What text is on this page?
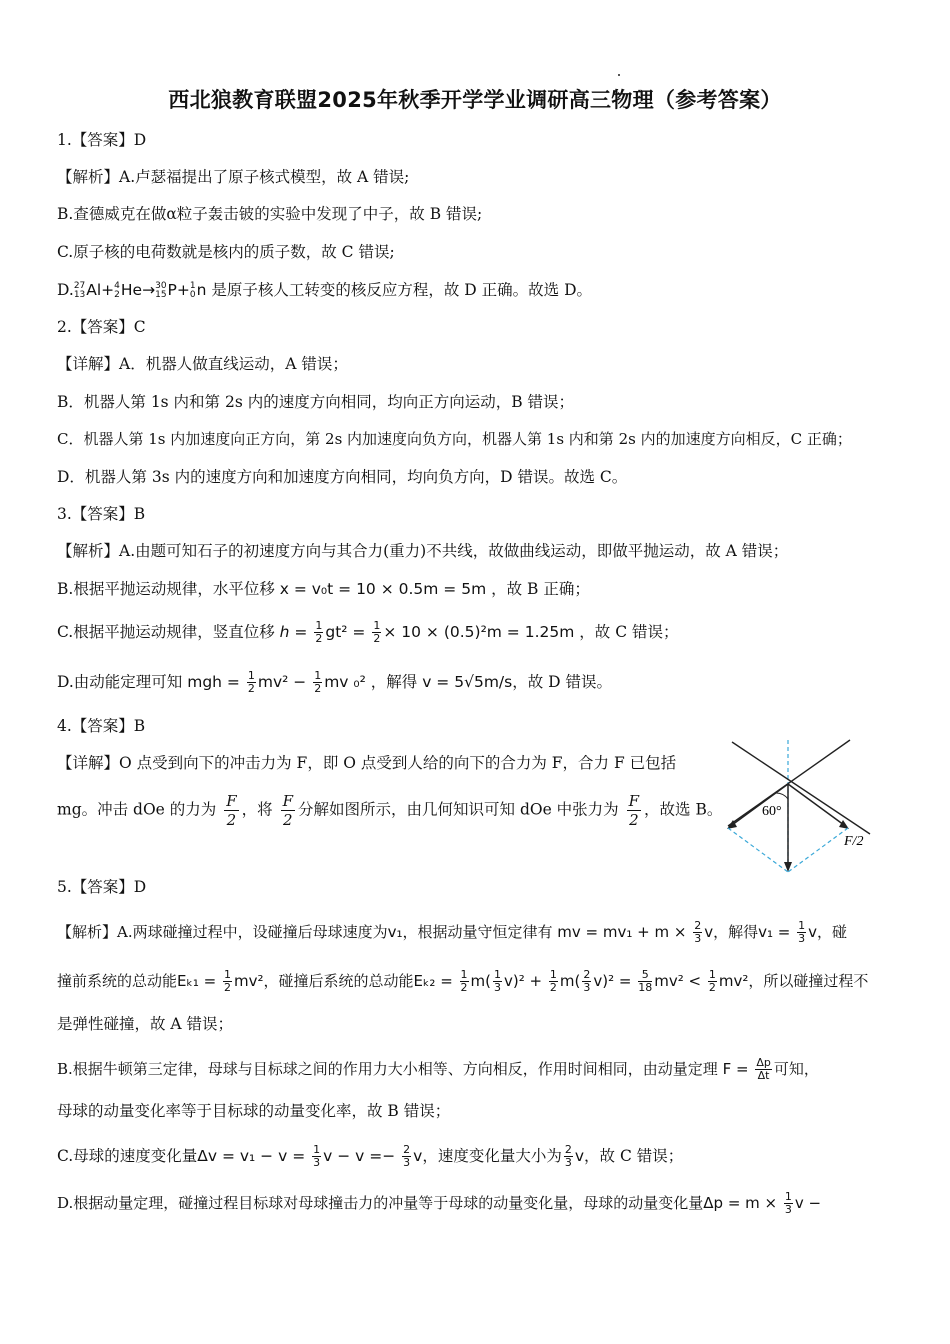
西北狼教育联盟2025年秋季开学学业调研高三物理（参考答案）
1.【答案】D
【解析】A.卢瑟福提出了原子核式模型，故 A 错误;
B.查德威克在做α粒子轰击铍的实验中发现了中子，故 B 错误;
C.原子核的电荷数就是核内的质子数，故 C 错误;
D. 27
13 Al+ 4
2 He→ 30
15 P+ 1
0 n 是原子核人工转变的核反应方程，故 D 正确。故选 D。
2.【答案】C
【详解】A．机器人做直线运动，A 错误；
B．机器人第 1s 内和第 2s 内的速度方向相同，均向正方向运动，B 错误；
C．机器人第 1s 内加速度向正方向，第 2s 内加速度向负方向，机器人第 1s 内和第 2s 内的加速度方向相反，C 正确；
D．机器人第 3s 内的速度方向和加速度方向相同，均向负方向，D 错误。故选 C。
3.【答案】B
【解析】A.由题可知石子的初速度方向与其合力(重力)不共线，故做曲线运动，即做平抛运动，故 A 错误；
B.根据平抛运动规律，水平位移 x = v₀t = 10 × 0.5m = 5m ，故 B 正确；
C.根据平抛运动规律，竖直位移 $h = \frac{1}{2} gt^2 = \frac{1}{2} \times 10 \times (0.5)^2m = 1.25m$ ，故 C 错误；
D.由动能定理可知 mgh = $\frac{1}{2} mv^2 - \frac{1}{2}$ mv ₀² ，解得 v = 5√5m/s，故 D 错误。
4.【答案】B
【详解】O 点受到向下的冲击力为 F，即 O 点受到人给的向下的合力为 F，合力 F 已包括
mg。冲击 dOe 的力为 $\frac{F}{2}$ ，将 $\frac{F}{2}$ 分解如图所示，由几何知识可知 dOe 中张力为 $\frac{F}{2}$ ，故选 B。	60°
F/2
5.【答案】D
【解析】A.两球碰撞过程中，设碰撞后母球速度为v₁，根据动量守恒定律有 mv = $mv_1 + m \times \frac{2}{3}$ v，解得$v_1 = \frac{1}{3}$ v，碰
撞前系统的总动能$E_{k1} = \frac{1}{2} mv^2$，碰撞后系统的总动能$E_{k2} = \frac{1}{2} m( \frac{1}{3} v)^2 + \frac{1}{2} m( \frac{2}{3} v)^2 = \frac{5}{18} mv^2 < \frac{1}{2} mv^2$，所以碰撞过程不
是弹性碰撞，故 A 错误；
B.根据牛顿第三定律，母球与目标球之间的作用力大小相等、方向相反，作用时间相同，由动量定理 $F = \frac{\Delta p}{\Delta t}$ 可知，
母球的动量变化率等于目标球的动量变化率，故 B 错误；
C.母球的速度变化量$\Delta v = v_1 - v = \frac{1}{3}$ $v - v =- \frac{2}{3}$ v，速度变化量大小为 $\frac{2}{3}$ v，故 C 错误；
D.根据动量定理，碰撞过程目标球对母球撞击力的冲量等于母球的动量变化量，母球的动量变化量$\Delta p = m \times \frac{1}{3}$ v −
